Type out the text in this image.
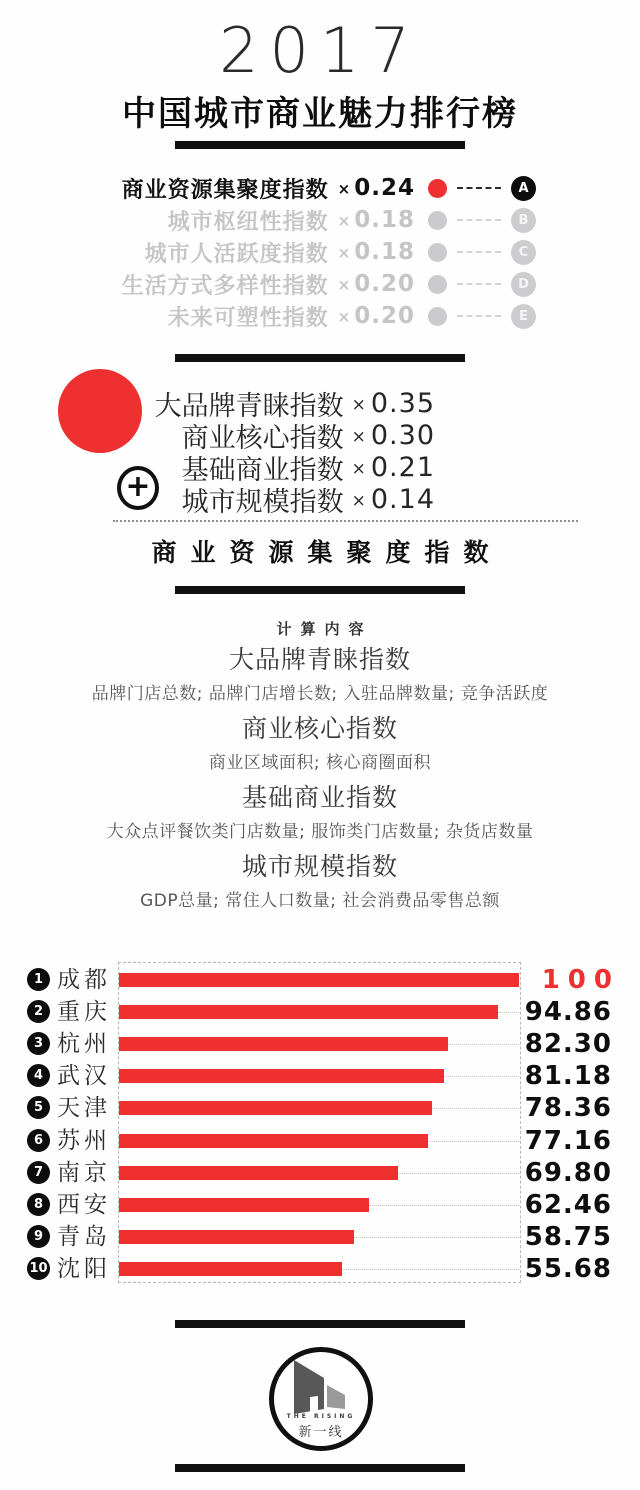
2017
中国城市商业魅力排行榜
商业资源集聚度指数 × 0.24	A
城市枢纽性指数 × 0.18	B
城市人活跃度指数 × 0.18	C
生活方式多样性指数 × 0.20	D
未来可塑性指数 × 0.20	E
+
大品牌青睐指数 × 0.35
商业核心指数 × 0.30
基础商业指数 × 0.21
城市规模指数 × 0.14
商业资源集聚度指数
计算内容
大品牌青睐指数
品牌门店总数; 品牌门店增长数; 入驻品牌数量; 竞争活跃度
商业核心指数
商业区域面积; 核心商圈面积
基础商业指数
大众点评餐饮类门店数量; 服饰类门店数量; 杂货店数量
城市规模指数
GDP总量; 常住人口数量; 社会消费品零售总额
1 成都	100
2 重庆	94.86
3 杭州	82.30
4 武汉	81.18
5 天津	78.36
6 苏州	77.16
7 南京	69.80
8 西安	62.46
9 青岛	58.75
10 沈阳	55.68
THE RISING
新一线
